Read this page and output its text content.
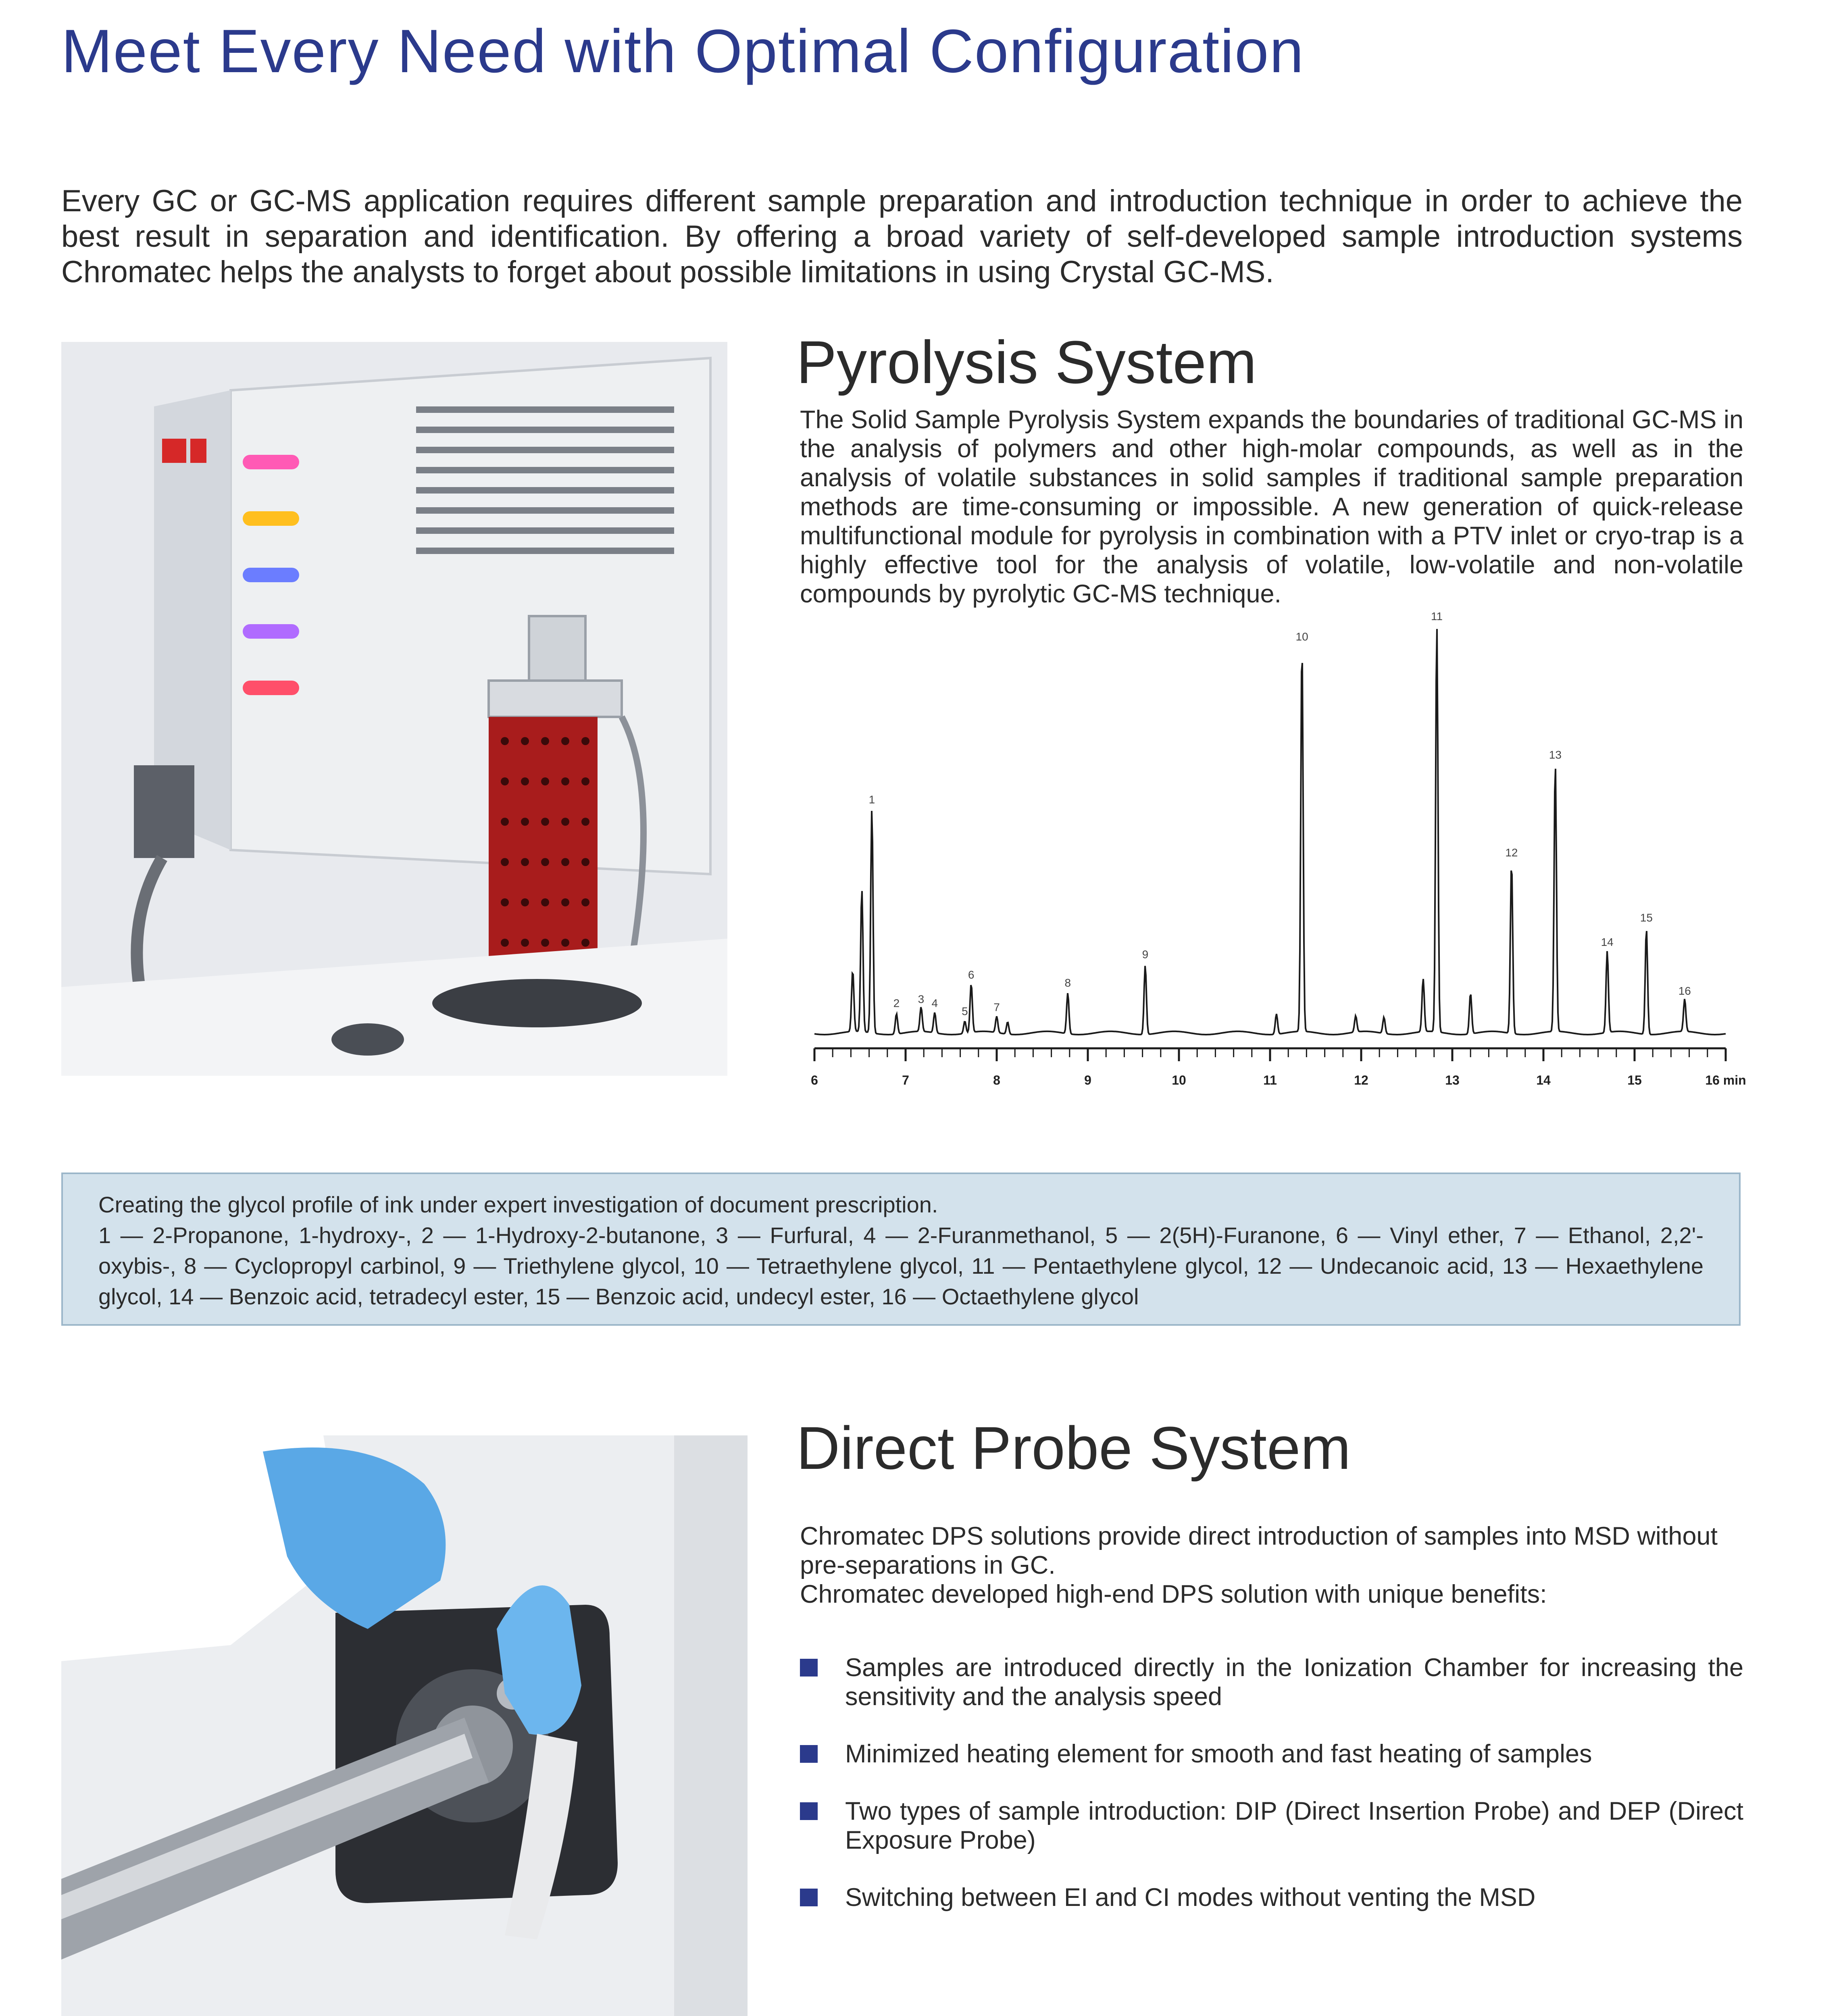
Meet Every Need with Optimal Configuration

Every GC or GC-MS application requires different sample preparation and introduction technique in order to achieve the best result in separation and identification. By offering a broad variety of self-developed sample introduction systems Chromatec helps the analysts to forget about possible limitations in using Crystal GC-MS.

Pyrolysis System

The Solid Sample Pyrolysis System expands the boundaries of traditional GC-MS in the analysis of polymers and other high-molar compounds, as well as in the analysis of volatile substances in solid samples if traditional sample preparation methods are time-consuming or impossible. A new generation of quick-release multifunctional module for pyrolysis in combination with a PTV inlet or cryo-trap is a highly effective tool for the analysis of volatile, low-volatile and non-volatile compounds by pyrolytic GC-MS technique.

1
2 3 4
5
6
7
8
9
10
11
12
13
14
15
16
6	7	8	9	10	11	12	13	14	15	16 min

Creating the glycol profile of ink under expert investigation of document prescription.

1 — 2-Propanone, 1-hydroxy-, 2 — 1-Hydroxy-2-butanone, 3 — Furfural, 4 — 2-Furanmethanol, 5 — 2(5H)-Furanone, 6 — Vinyl ether, 7 — Ethanol, 2,2'-oxybis-, 8 — Cyclopropyl carbinol, 9 — Triethylene glycol, 10 — Tetraethylene glycol, 11 — Pentaethylene glycol, 12 — Undecanoic acid, 13 — Hexaethylene glycol, 14 — Benzoic acid, tetradecyl ester, 15 — Benzoic acid, undecyl ester, 16 — Octaethylene glycol

Direct Probe System

Chromatec DPS solutions provide direct introduction of samples into MSD without pre-separations in GC.

Chromatec developed high-end DPS solution with unique benefits:

Samples are introduced directly in the Ionization Chamber for increasing the sensitivity and the analysis speed
Minimized heating element for smooth and fast heating of samples
Two types of sample introduction: DIP (Direct Insertion Probe) and DEP (Direct Exposure Probe)
Switching between EI and CI modes without venting the MSD
